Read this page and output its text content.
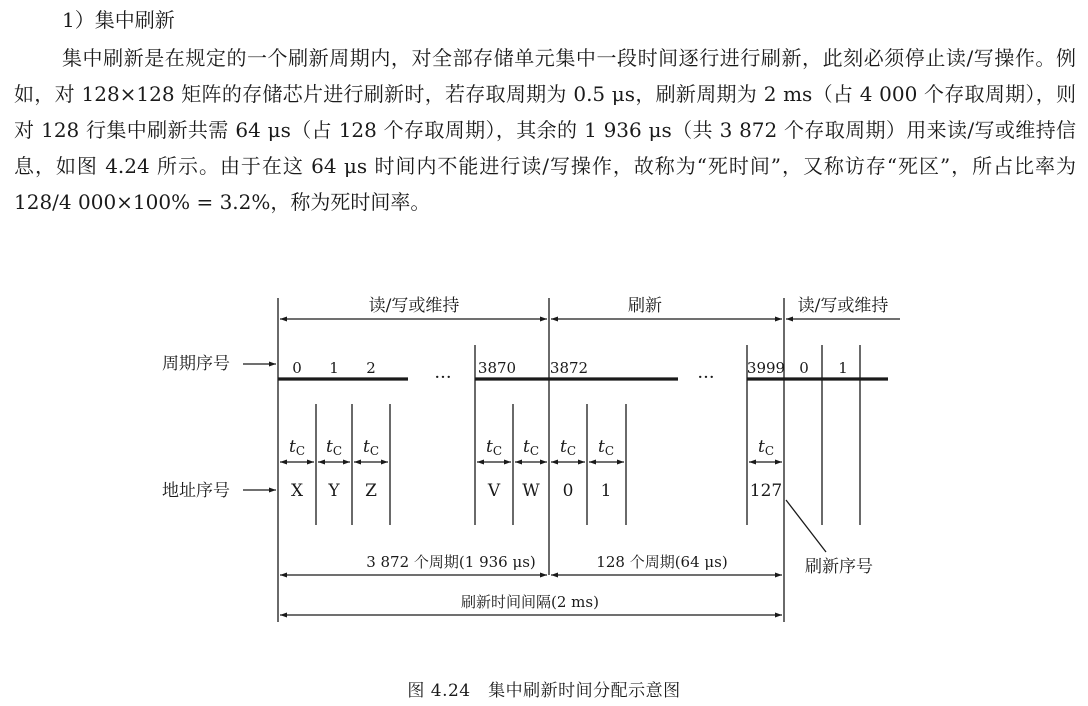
1）集中刷新

集中刷新是在规定的一个刷新周期内，对全部存储单元集中一段时间逐行进行刷新，此刻必须停止读/写操作。例如，对 128×128 矩阵的存储芯片进行刷新时，若存取周期为 0.5 μs，刷新周期为 2 ms（占 4 000 个存取周期），则对 128 行集中刷新共需 64 μs（占 128 个存取周期），其余的 1 936 μs（共 3 872 个存取周期）用来读/写或维持信息，如图 4.24 所示。由于在这 64 μs 时间内不能进行读/写操作，故称为“死时间”，又称访存“死区”，所占比率为 128/4 000×100% = 3.2%，称为死时间率。

读/写或维持	刷新	读/写或维持
周期序号
地址序号
0 1 2	··· 3870 3872	··· 3999 0 1
tC tC tC	tC tC tC tC	tC
X Y Z	V W 0 1	127
3 872 个周期(1 936 μs)	128 个周期(64 μs)
刷新时间间隔(2 ms)
刷新序号
图 4.24　集中刷新时间分配示意图
